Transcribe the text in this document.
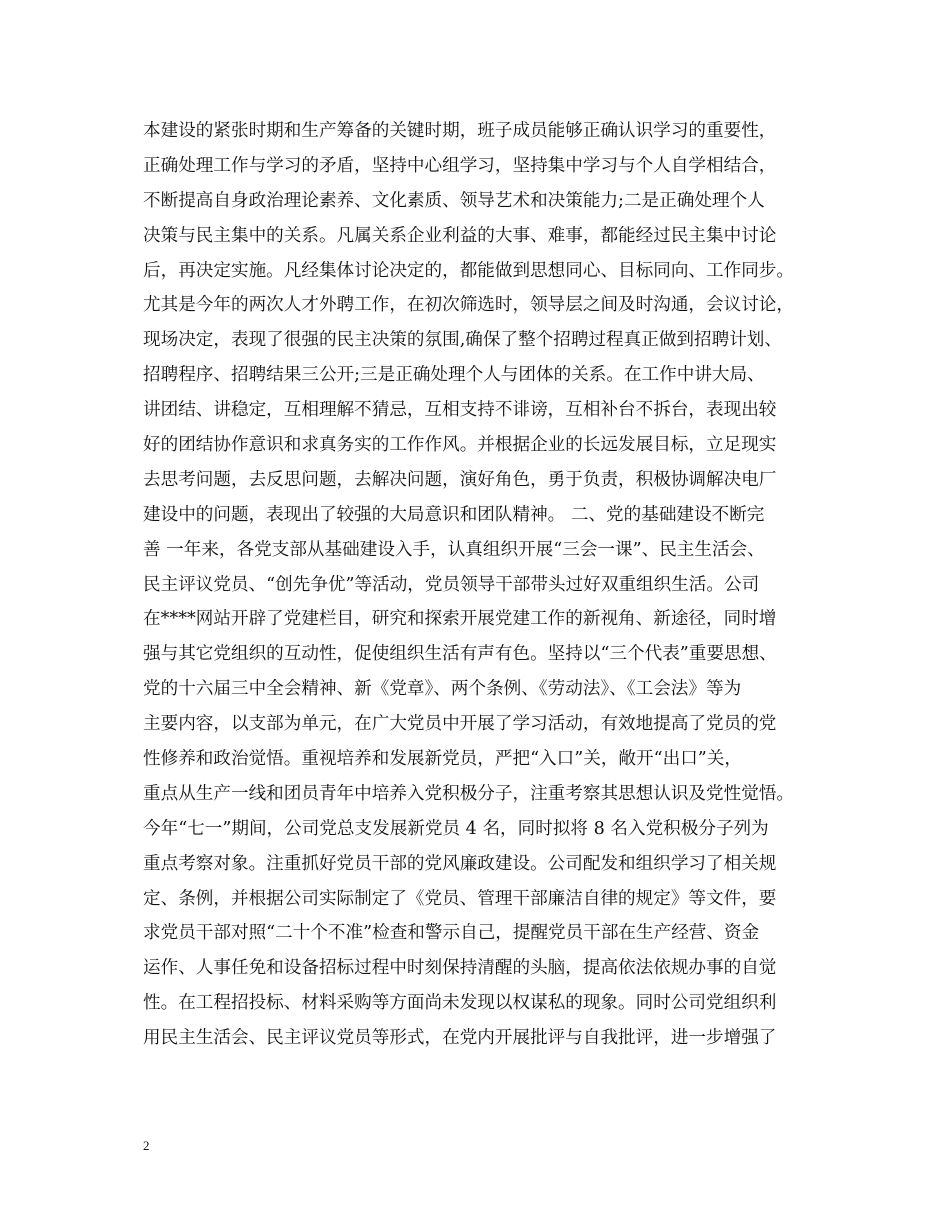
本建设的紧张时期和生产筹备的关键时期，班子成员能够正确认识学习的重要性，
正确处理工作与学习的矛盾，坚持中心组学习，坚持集中学习与个人自学相结合，
不断提高自身政治理论素养、文化素质、领导艺术和决策能力;二是正确处理个人
决策与民主集中的关系。凡属关系企业利益的大事、难事，都能经过民主集中讨论
后，再决定实施。凡经集体讨论决定的，都能做到思想同心、目标同向、工作同步。
尤其是今年的两次人才外聘工作，在初次筛选时，领导层之间及时沟通，会议讨论，
现场决定，表现了很强的民主决策的氛围,确保了整个招聘过程真正做到招聘计划、
招聘程序、招聘结果三公开;三是正确处理个人与团体的关系。在工作中讲大局、
讲团结、讲稳定，互相理解不猜忌，互相支持不诽谤，互相补台不拆台，表现出较
好的团结协作意识和求真务实的工作作风。并根据企业的长远发展目标，立足现实
去思考问题，去反思问题，去解决问题，演好角色，勇于负责，积极协调解决电厂
建设中的问题，表现出了较强的大局意识和团队精神。 二、党的基础建设不断完
善 一年来，各党支部从基础建设入手，认真组织开展“三会一课”、民主生活会、
民主评议党员、“创先争优”等活动，党员领导干部带头过好双重组织生活。公司
在****网站开辟了党建栏目，研究和探索开展党建工作的新视角、新途径，同时增
强与其它党组织的互动性，促使组织生活有声有色。坚持以“三个代表”重要思想、
党的十六届三中全会精神、新《党章》、两个条例、《劳动法》、《工会法》等为
主要内容，以支部为单元，在广大党员中开展了学习活动，有效地提高了党员的党
性修养和政治觉悟。重视培养和发展新党员，严把“入口”关，敞开“出口”关，
重点从生产一线和团员青年中培养入党积极分子，注重考察其思想认识及党性觉悟。
今年“七一”期间，公司党总支发展新党员 4 名，同时拟将 8 名入党积极分子列为
重点考察对象。注重抓好党员干部的党风廉政建设。公司配发和组织学习了相关规
定、条例，并根据公司实际制定了《党员、管理干部廉洁自律的规定》等文件，要
求党员干部对照“二十个不准”检查和警示自己，提醒党员干部在生产经营、资金
运作、人事任免和设备招标过程中时刻保持清醒的头脑，提高依法依规办事的自觉
性。在工程招投标、材料采购等方面尚未发现以权谋私的现象。同时公司党组织利
用民主生活会、民主评议党员等形式，在党内开展批评与自我批评，进一步增强了
2
